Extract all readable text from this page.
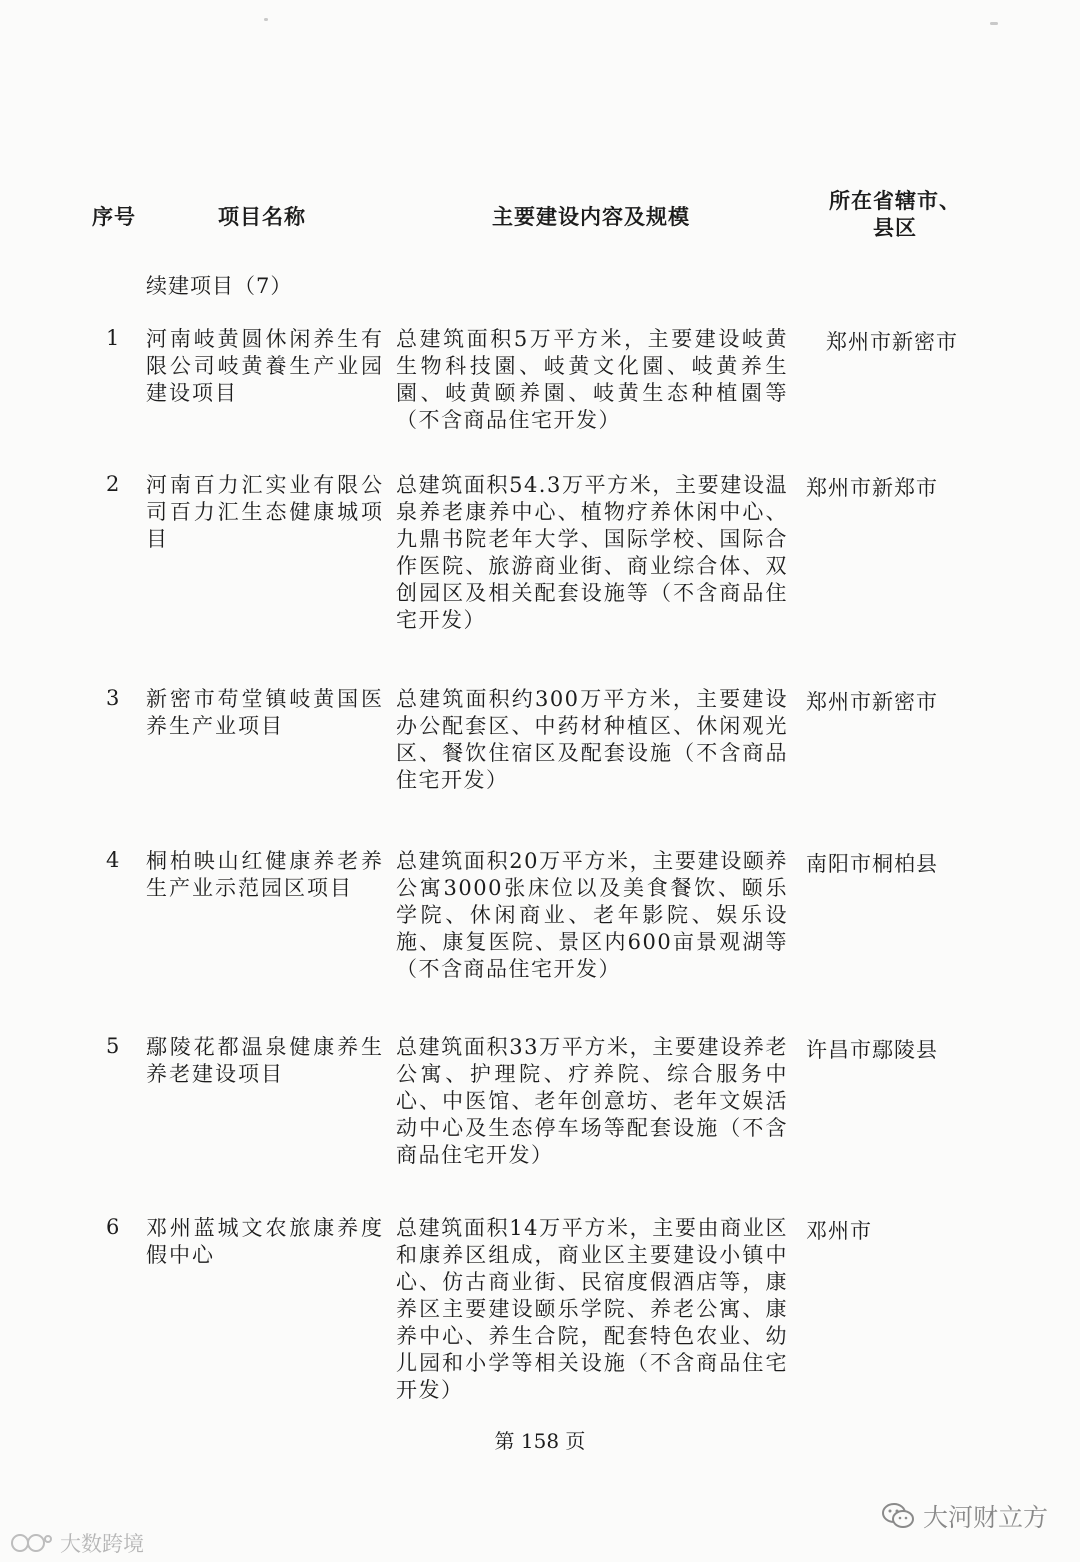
序号	项目名称	主要建设内容及规模
所在省辖市、
县区
续建项目（7）
1 河南岐黄圆休闲养生有限公司岐黄養生产业园建设项目
总建筑面积5万平方米，主要建设岐黄生物科技園、岐黄文化園、岐黄养生園、岐黄颐养園、岐黄生态种植園等（不含商品住宅开发）
郑州市新密市
2 河南百力汇实业有限公司百力汇生态健康城项目
总建筑面积54.3万平方米，主要建设温泉养老康养中心、植物疗养休闲中心、九鼎书院老年大学、国际学校、国际合作医院、旅游商业街、商业综合体、双创园区及相关配套设施等（不含商品住宅开发）
郑州市新郑市
3 新密市苟堂镇岐黄国医养生产业项目
总建筑面积约300万平方米，主要建设办公配套区、中药材种植区、休闲观光区、餐饮住宿区及配套设施（不含商品住宅开发）
郑州市新密市
4 桐柏映山红健康养老养生产业示范园区项目
总建筑面积20万平方米，主要建设颐养公寓3000张床位以及美食餐饮、颐乐学院、休闲商业、老年影院、娱乐设施、康复医院、景区内600亩景观湖等（不含商品住宅开发）
南阳市桐柏县
5 鄢陵花都温泉健康养生养老建设项目
总建筑面积33万平方米，主要建设养老公寓、护理院、疗养院、综合服务中心、中医馆、老年创意坊、老年文娱活动中心及生态停车场等配套设施（不含商品住宅开发）
许昌市鄢陵县
6 邓州蓝城文农旅康养度假中心
总建筑面积14万平方米，主要由商业区和康养区组成，商业区主要建设小镇中心、仿古商业街、民宿度假酒店等，康养区主要建设颐乐学院、养老公寓、康养中心、养生合院，配套特色农业、幼儿园和小学等相关设施（不含商品住宅开发）
邓州市
第 158 页
大河财立方
大数跨境
